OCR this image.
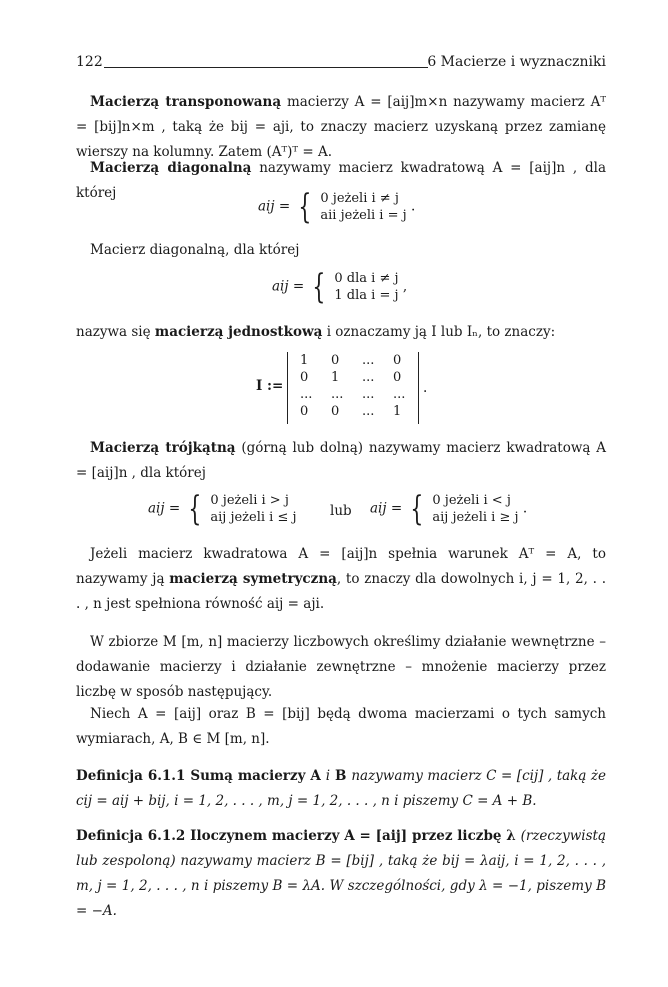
122	6 Macierze i wyznaczniki
Macierzą transponowaną macierzy A = [aij]m×n nazywamy macierz Aᵀ = [bij]n×m , taką że bij = aji, to znaczy macierz uzyskaną przez zamianę wierszy na kolumny. Zatem (Aᵀ)ᵀ = A.
Macierzą diagonalną nazywamy macierz kwadratową A = [aij]n , dla której
aij = { 0 jeżeli i ≠ j
aii jeżeli i = j .
Macierz diagonalną, dla której
aij = { 0 dla i ≠ j
1 dla i = j ,
nazywa się macierzą jednostkową i oznaczamy ją I lub Iₙ, to znaczy:
I :=
1	0	...	0
0	1	...	0
...	...	...	...
0	0	...	1
.
Macierzą trójkątną (górną lub dolną) nazywamy macierz kwadratową A = [aij]n , dla której
aij = { 0 jeżeli i > j
aij jeżeli i ≤ j lub aij = { 0 jeżeli i < j
aij jeżeli i ≥ j .
Jeżeli macierz kwadratowa A = [aij]n spełnia warunek Aᵀ = A, to nazywamy ją macierzą symetryczną, to znaczy dla dowolnych i, j = 1, 2, . . . , n jest spełniona równość aij = aji.
W zbiorze M [m, n] macierzy liczbowych określimy działanie wewnętrzne – dodawanie macierzy i działanie zewnętrzne – mnożenie macierzy przez liczbę w sposób następujący.
Niech A = [aij] oraz B = [bij] będą dwoma macierzami o tych samych wymiarach, A, B ∈ M [m, n].
Definicja 6.1.1 Sumą macierzy A i B nazywamy macierz C = [cij] , taką że cij = aij + bij, i = 1, 2, . . . , m, j = 1, 2, . . . , n i piszemy C = A + B.
Definicja 6.1.2 Iloczynem macierzy A = [aij] przez liczbę λ (rzeczywistą lub zespoloną) nazywamy macierz B = [bij] , taką że bij = λaij, i = 1, 2, . . . , m, j = 1, 2, . . . , n i piszemy B = λA. W szczególności, gdy λ = −1, piszemy B = −A.
